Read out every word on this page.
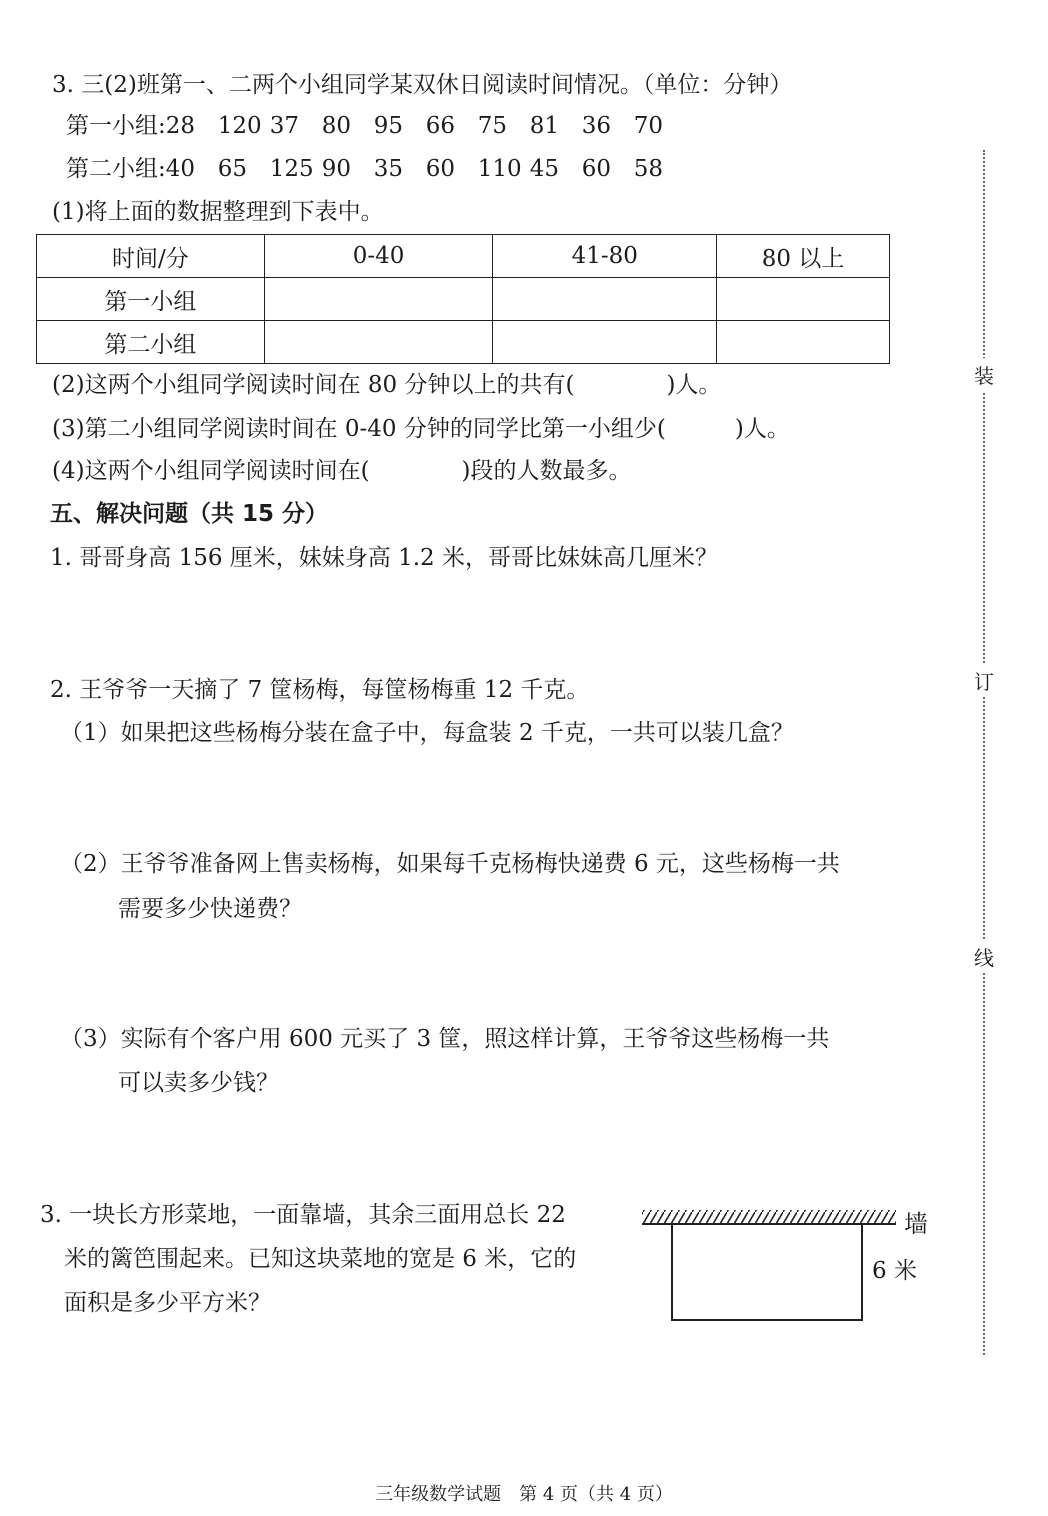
3. 三(2)班第一、二两个小组同学某双休日阅读时间情况。（单位：分钟）
第一小组:28 120 37 80 95 66 75 81 36 70
第二小组:40 65 125 90 35 60 110 45 60 58
(1)将上面的数据整理到下表中。
时间/分	0-40	41-80	80 以上
第一小组			
第二小组			
(2)这两个小组同学阅读时间在 80 分钟以上的共有(　　　　)人。
(3)第二小组同学阅读时间在 0-40 分钟的同学比第一小组少(　　　)人。
(4)这两个小组同学阅读时间在(　　　　)段的人数最多。
五、解决问题（共 15 分）
1. 哥哥身高 156 厘米，妹妹身高 1.2 米，哥哥比妹妹高几厘米？
2. 王爷爷一天摘了 7 筐杨梅，每筐杨梅重 12 千克。
（1）如果把这些杨梅分装在盒子中，每盒装 2 千克，一共可以装几盒？
（2）王爷爷准备网上售卖杨梅，如果每千克杨梅快递费 6 元，这些杨梅一共
需要多少快递费？
（3）实际有个客户用 600 元买了 3 筐，照这样计算，王爷爷这些杨梅一共
可以卖多少钱？
3. 一块长方形菜地，一面靠墙，其余三面用总长 22
米的篱笆围起来。已知这块菜地的宽是 6 米，它的
面积是多少平方米？
墙
6 米
装
订
线
三年级数学试题　第 4 页（共 4 页）
